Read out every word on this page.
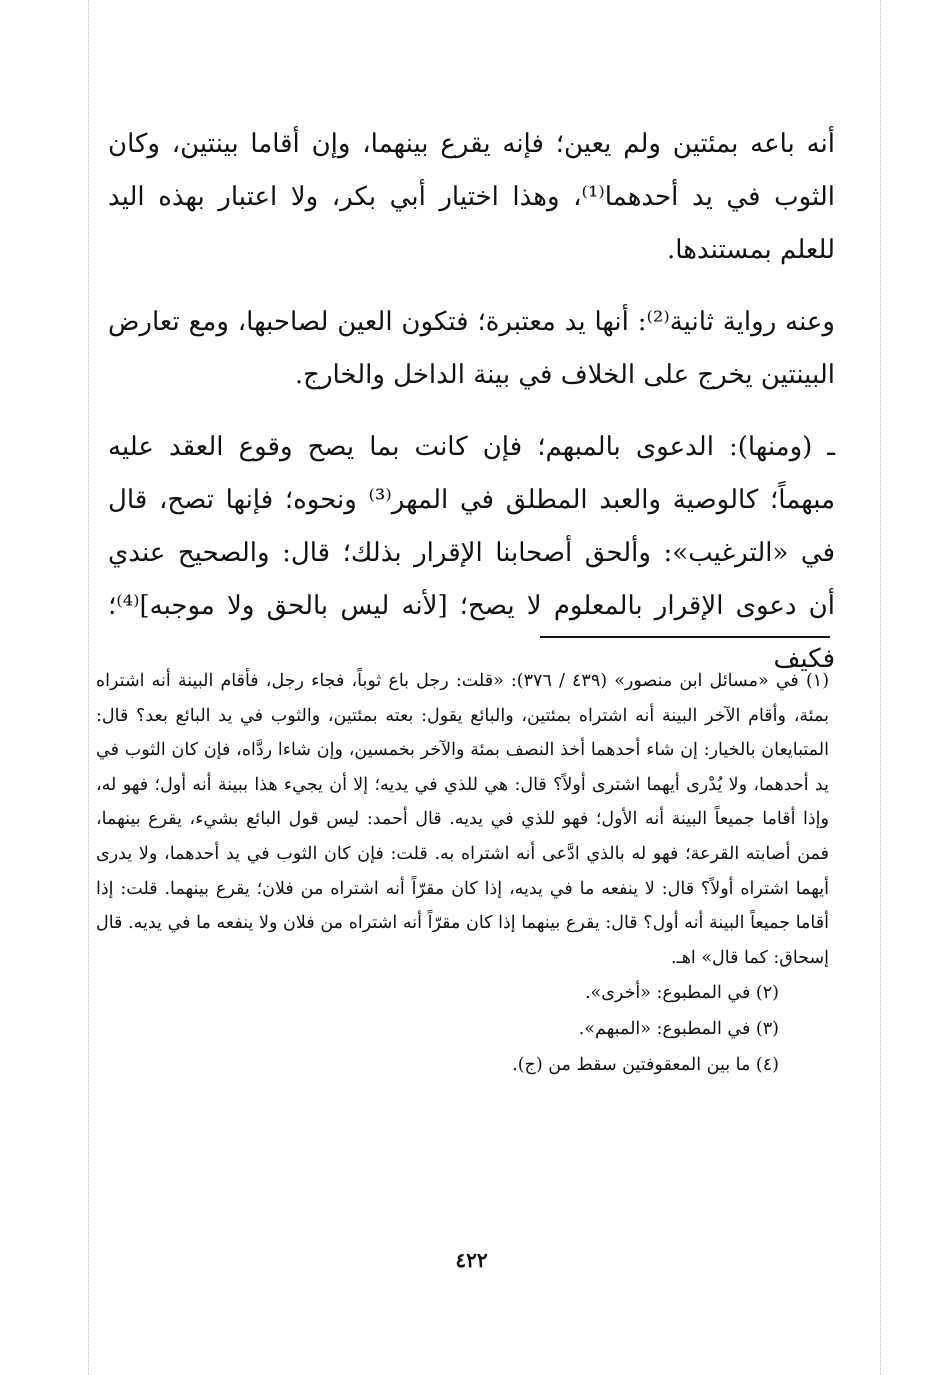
أنه باعه بمئتين ولم يعين؛ فإنه يقرع بينهما، وإن أقاما بينتين، وكان الثوب في يد أحدهما⁽¹⁾، وهذا اختيار أبي بكر، ولا اعتبار بهذه اليد للعلم بمستندها.

وعنه رواية ثانية⁽²⁾: أنها يد معتبرة؛ فتكون العين لصاحبها، ومع تعارض البينتين يخرج على الخلاف في بينة الداخل والخارج.

ـ (ومنها): الدعوى بالمبهم؛ فإن كانت بما يصح وقوع العقد عليه مبهماً؛ كالوصية والعبد المطلق في المهر⁽³⁾ ونحوه؛ فإنها تصح، قال في «الترغيب»: وألحق أصحابنا الإقرار بذلك؛ قال: والصحيح عندي أن دعوى الإقرار بالمعلوم لا يصح؛ [لأنه ليس بالحق ولا موجبه]⁽⁴⁾؛ فكيف

(١) في «مسائل ابن منصور» (٤٣٩ / ٣٧٦): «قلت: رجل باع ثوباً، فجاء رجل، فأقام البينة أنه اشتراه بمئة، وأقام الآخر البينة أنه اشتراه بمئتين، والبائع يقول: بعته بمئتين، والثوب في يد البائع بعد؟ قال: المتبايعان بالخيار: إن شاء أحدهما أخذ النصف بمئة والآخر بخمسين، وإن شاءا ردَّاه، فإن كان الثوب في يد أحدهما، ولا يُدْرى أيهما اشترى أولاً؟ قال: هي للذي في يديه؛ إلا أن يجيء هذا ببينة أنه أول؛ فهو له، وإذا أقاما جميعاً البينة أنه الأول؛ فهو للذي في يديه. قال أحمد: ليس قول البائع بشيء، يقرع بينهما، فمن أصابته القرعة؛ فهو له بالذي ادَّعى أنه اشتراه به. قلت: فإن كان الثوب في يد أحدهما، ولا يدرى أيهما اشتراه أولاً؟ قال: لا ينفعه ما في يديه، إذا كان مقرّاً أنه اشتراه من فلان؛ يقرع بينهما. قلت: إذا أقاما جميعاً البينة أنه أول؟ قال: يقرع بينهما إذا كان مقرّاً أنه اشتراه من فلان ولا ينفعه ما في يديه. قال إسحاق: كما قال» اهـ.

(٢) في المطبوع: «أخرى».

(٣) في المطبوع: «المبهم».

(٤) ما بين المعقوفتين سقط من (ج).

٤٢٢
